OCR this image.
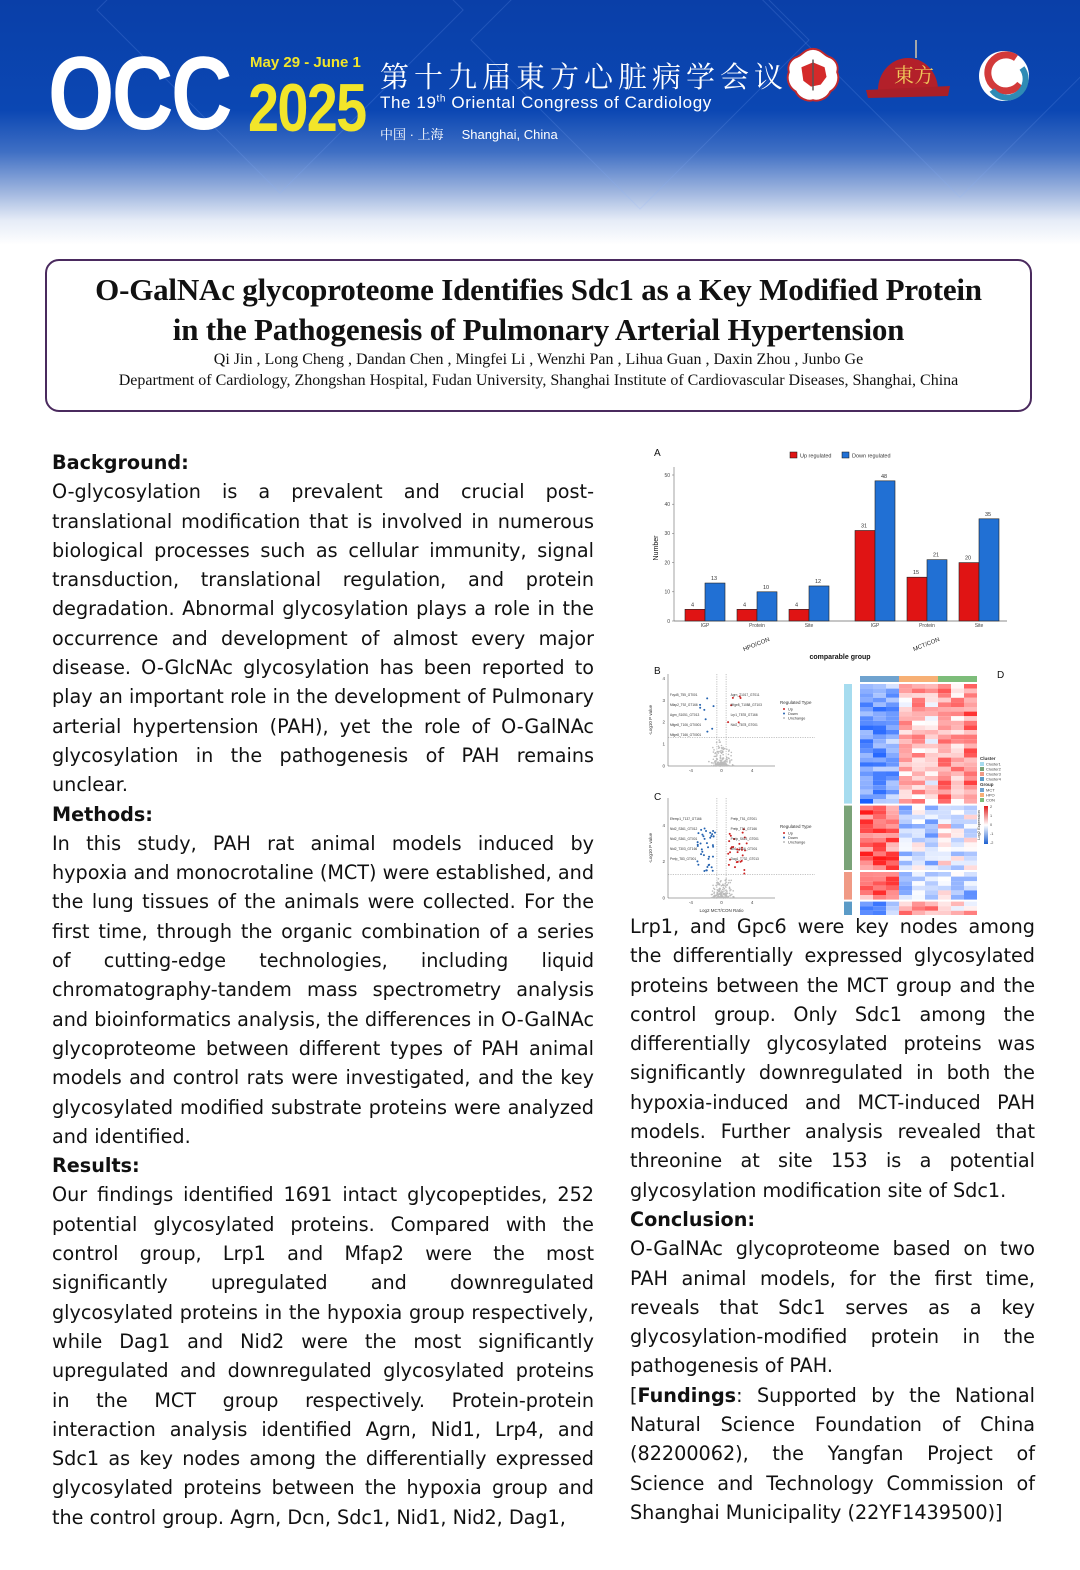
OCC May 29 - June 1
2025 第十九届東方心脏病学会议
The 19th Oriental Congress of Cardiology
中国 · 上海 Shanghai, China
東方
O-GalNAc glycoproteome Identifies Sdc1 as a Key Modified Protein
in the Pathogenesis of Pulmonary Arterial Hypertension
Qi Jin , Long Cheng , Dandan Chen , Mingfei Li , Wenzhi Pan , Lihua Guan , Daxin Zhou , Junbo Ge
Department of Cardiology, Zhongshan Hospital, Fudan University, Shanghai Institute of Cardiovascular Diseases, Shanghai, China
Background:

O-glycosylation is a prevalent and crucial post-translational modification that is involved in numerous biological processes such as cellular immunity, signal transduction, translational regulation, and protein degradation. Abnormal glycosylation plays a role in the occurrence and development of almost every major disease. O-GlcNAc glycosylation has been reported to play an important role in the development of Pulmonary arterial hypertension (PAH), yet the role of O-GalNAc glycosylation in the pathogenesis of PAH remains unclear.

Methods:

In this study, PAH rat animal models induced by hypoxia and monocrotaline (MCT) were established, and the lung tissues of the animals were collected. For the first time, through the organic combination of a series of cutting-edge technologies, including liquid chromatography-tandem mass spectrometry analysis and bioinformatics analysis, the differences in O-GalNAc glycoproteome between different types of PAH animal models and control rats were investigated, and the key glycosylated modified substrate proteins were analyzed and identified.

Results:

Our findings identified 1691 intact glycopeptides, 252 potential glycosylated proteins. Compared with the control group, Lrp1 and Mfap2 were the most significantly upregulated and downregulated glycosylated proteins in the hypoxia group respectively, while Dag1 and Nid2 were the most significantly upregulated and downregulated glycosylated proteins in the MCT group respectively. Protein-protein interaction analysis identified Agrn, Nid1, Lrp4, and Sdc1 as key nodes among the differentially expressed glycosylated proteins between the hypoxia group and the control group. Agrn, Dcn, Sdc1, Nid1, Nid2, Dag1,

A	Up regulated	Down regulated
0
10
20
30
40
50
Number
4
13
IGP
4
10
Protein
4
12
Site
31
48
IGP
15
21
Protein
20
35
Site
HPO/CON	MCT/CON
comparable group
B
0
1
2
3
4
-4	0	4
-Log10 P value
Fcyd5_T55_GT001
Mfap2_T92_GT166
Agrn_S1051_GT013
Mfge8_T106_GT0001
Mfge8_T166_GT0001
Agrn_T1017_GT011
Mfge8_T1088_GT103
Lrp1_T878_GT166
Nid2_T878_GT001
Regulated Type
Up
Down
Unchange
C
0
2
4
-4	0	4
-Log10 P value
Log2 MCT/CON Ratio
Efemp1_T137_GT166
Nid2_S361_GT012
Nid2_S361_GT001
Nid2_T303_GT166
Prelp_T83_GT001
Prelp_T51_GT001
Prelp_T51_GT166
Prelp_S623_GT001
Itih1_T616_GT001
Dag1_T732_GT013
Regulated Type
Up
Down
Unchange
D
Cluster
Cluster1
Cluster2
Cluster3
Cluster4
Group
MCT
HPO
CON
2
1
0
-1
-2
Log2 Expression

Lrp1, and Gpc6 were key nodes among the differentially expressed glycosylated proteins between the MCT group and the control group. Only Sdc1 among the differentially glycosylated proteins was significantly downregulated in both the hypoxia-induced and MCT-induced PAH models. Further analysis revealed that threonine at site 153 is a potential glycosylation modification site of Sdc1.

Conclusion:

O-GalNAc glycoproteome based on two PAH animal models, for the first time, reveals that Sdc1 serves as a key glycosylation-modified protein in the pathogenesis of PAH.

[Fundings: Supported by the National Natural Science Foundation of China (82200062), the Yangfan Project of Science and Technology Commission of Shanghai Municipality (22YF1439500)]
